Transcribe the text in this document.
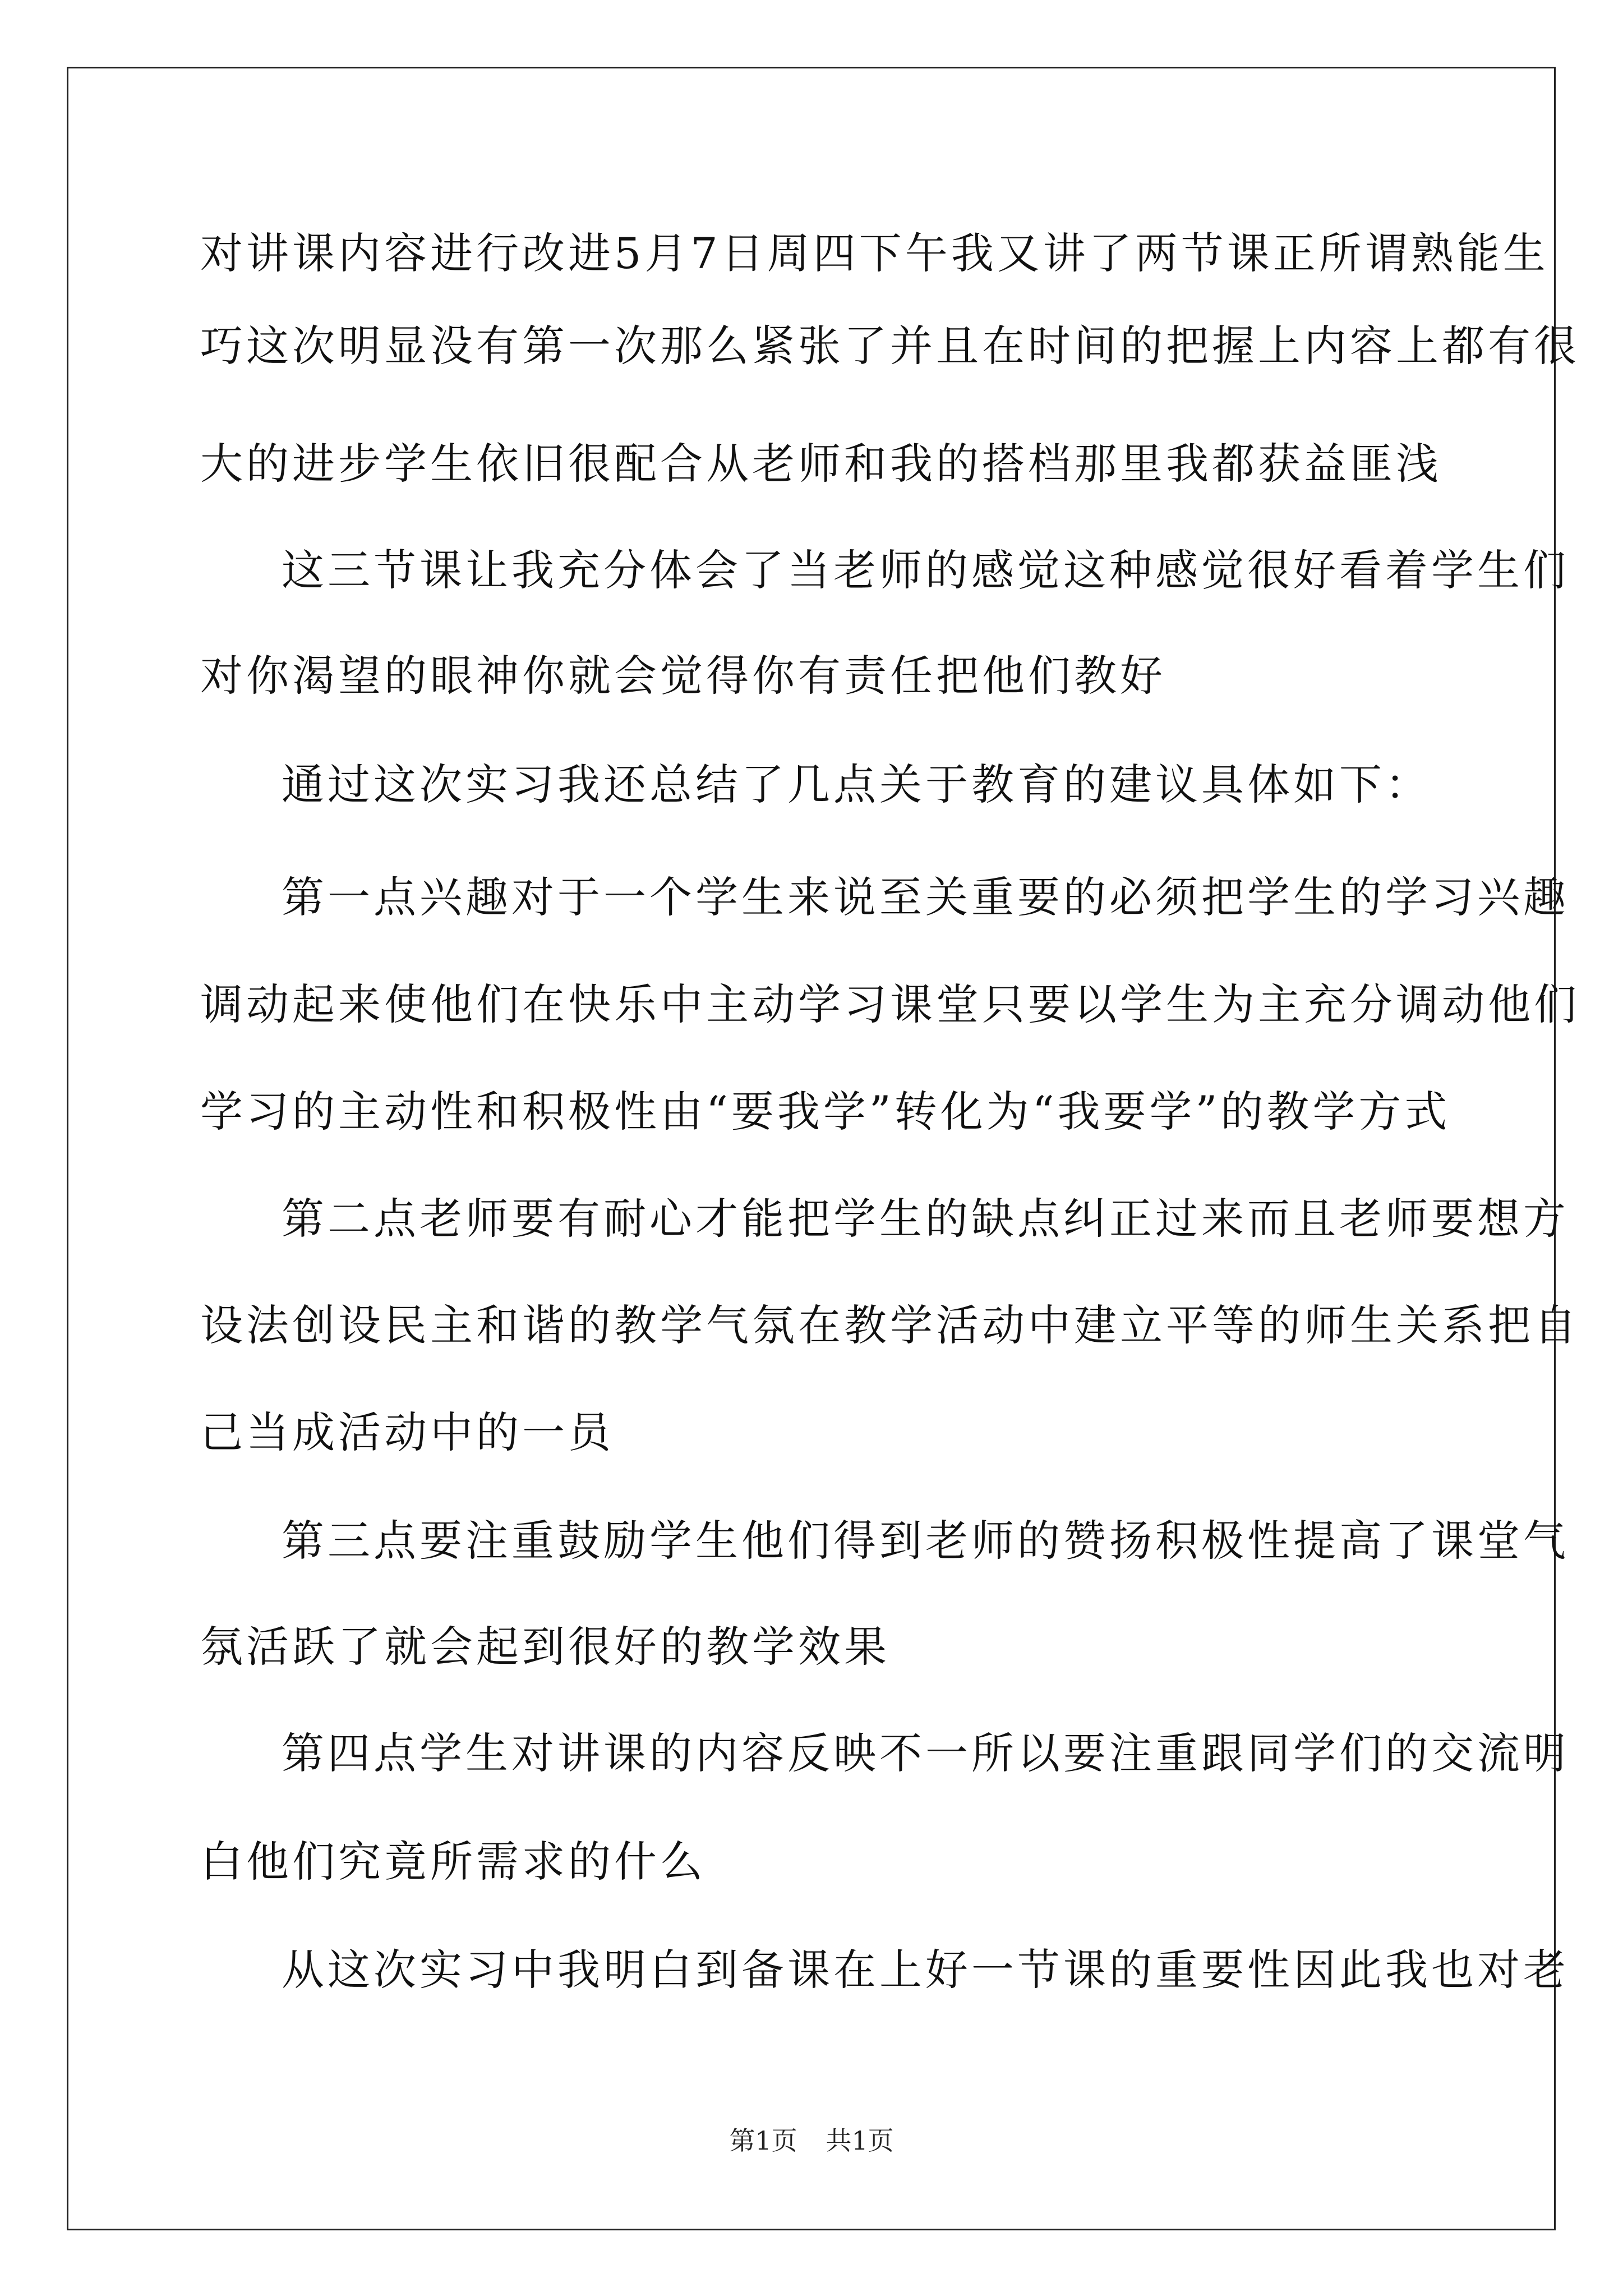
对讲课内容进行改进5月7日周四下午我又讲了两节课正所谓熟能生
巧这次明显没有第一次那么紧张了并且在时间的把握上内容上都有很
大的进步学生依旧很配合从老师和我的搭档那里我都获益匪浅
这三节课让我充分体会了当老师的感觉这种感觉很好看着学生们
对你渴望的眼神你就会觉得你有责任把他们教好
通过这次实习我还总结了几点关于教育的建议具体如下：
第一点兴趣对于一个学生来说至关重要的必须把学生的学习兴趣
调动起来使他们在快乐中主动学习课堂只要以学生为主充分调动他们
学习的主动性和积极性由“要我学”转化为“我要学”的教学方式
第二点老师要有耐心才能把学生的缺点纠正过来而且老师要想方
设法创设民主和谐的教学气氛在教学活动中建立平等的师生关系把自
己当成活动中的一员
第三点要注重鼓励学生他们得到老师的赞扬积极性提高了课堂气
氛活跃了就会起到很好的教学效果
第四点学生对讲课的内容反映不一所以要注重跟同学们的交流明
白他们究竟所需求的什么
从这次实习中我明白到备课在上好一节课的重要性因此我也对老
第1页 共1页
